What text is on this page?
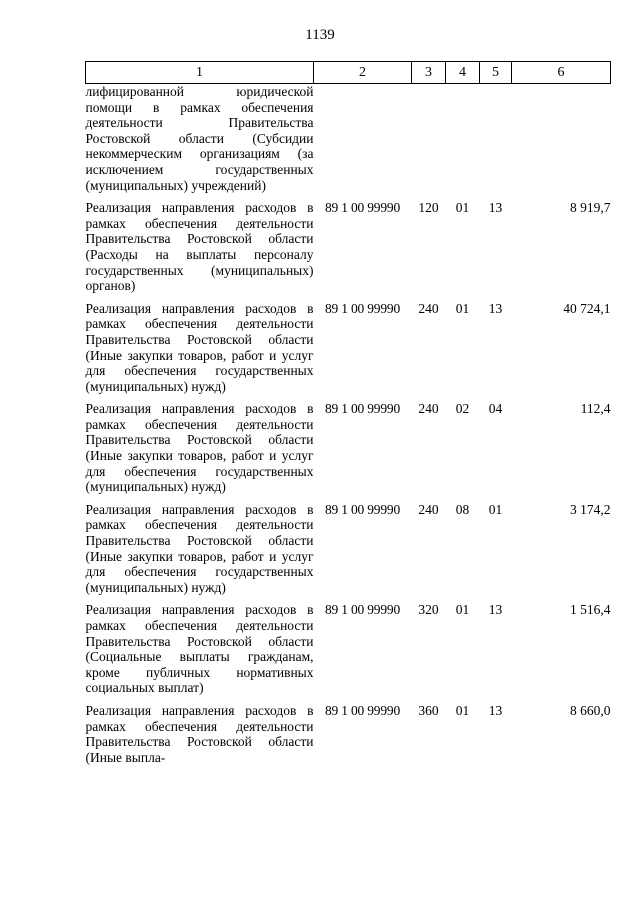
1139
1	2	3	4	5	6
лифицированной юридической помощи в рамках обеспечения деятельности Правительства Ростовской области (Субсидии некоммерческим организациям (за исключением государственных (муниципальных) учреждений)					
Реализация направления расходов в рамках обеспечения деятельности Правительства Ростовской области (Расходы на выплаты персоналу государственных (муниципальных) органов)	89 1 00 99990	120	01	13	8 919,7
Реализация направления расходов в рамках обеспечения деятельности Правительства Ростовской области (Иные закупки товаров, работ и услуг для обеспечения государственных (муниципальных) нужд)	89 1 00 99990	240	01	13	40 724,1
Реализация направления расходов в рамках обеспечения деятельности Правительства Ростовской области (Иные закупки товаров, работ и услуг для обеспечения государственных (муниципальных) нужд)	89 1 00 99990	240	02	04	112,4
Реализация направления расходов в рамках обеспечения деятельности Правительства Ростовской области (Иные закупки товаров, работ и услуг для обеспечения государственных (муниципальных) нужд)	89 1 00 99990	240	08	01	3 174,2
Реализация направления расходов в рамках обеспечения деятельности Правительства Ростовской области (Социальные выплаты гражданам, кроме публичных нормативных социальных выплат)	89 1 00 99990	320	01	13	1 516,4
Реализация направления расходов в рамках обеспечения деятельности Правительства Ростовской области (Иные выпла-	89 1 00 99990	360	01	13	8 660,0
